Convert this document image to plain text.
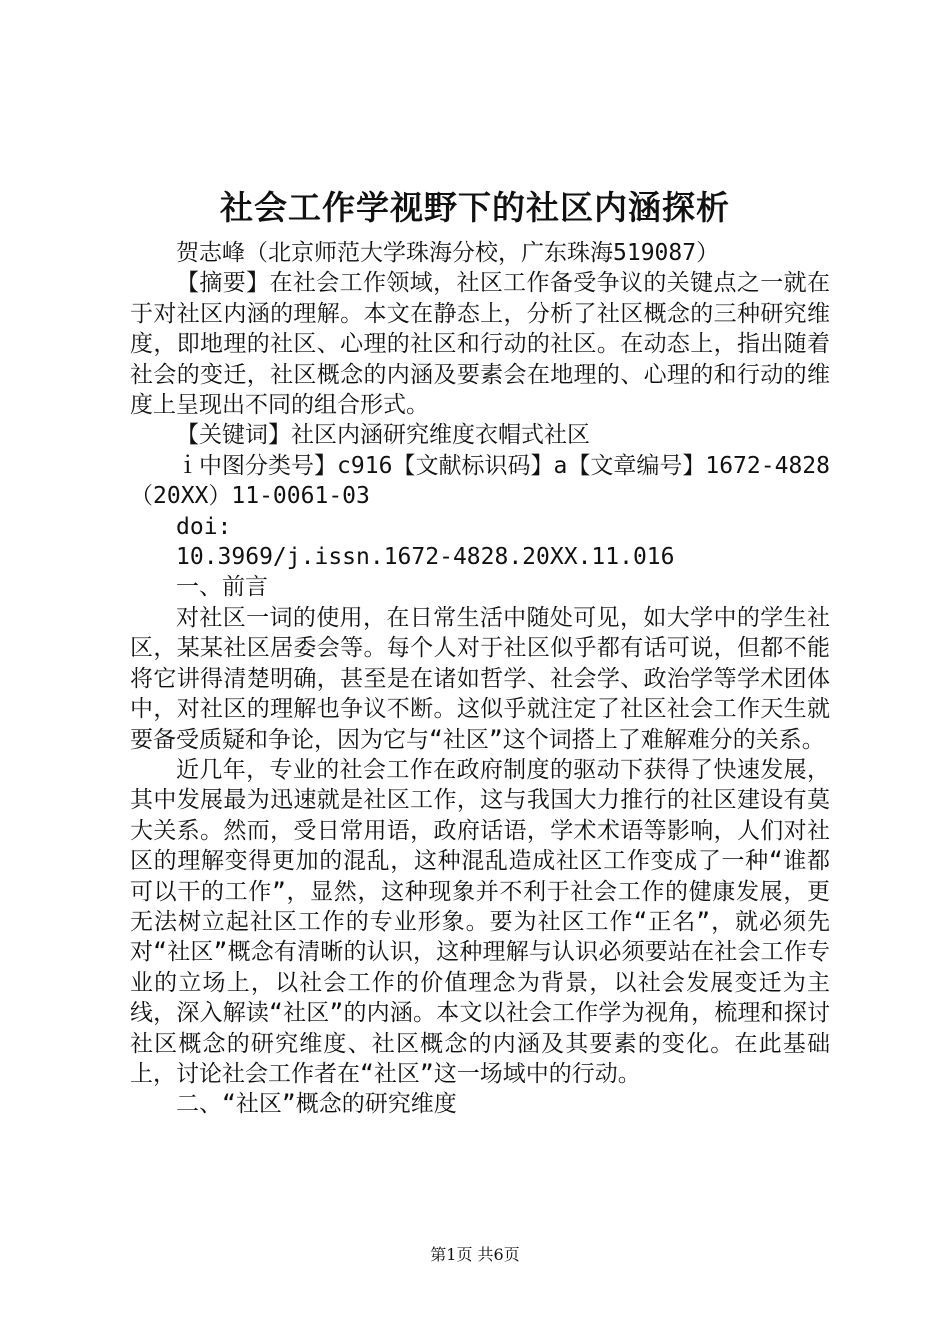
社会工作学视野下的社区内涵探析

贺志峰（北京师范大学珠海分校，广东珠海519087）

【摘要】在社会工作领域，社区工作备受争议的关键点之一就在于对社区内涵的理解。本文在静态上，分析了社区概念的三种研究维度，即地理的社区、心理的社区和行动的社区。在动态上，指出随着社会的变迁，社区概念的内涵及要素会在地理的、心理的和行动的维度上呈现出不同的组合形式。

【关键词】社区内涵研究维度衣帽式社区

ｉ中图分类号】c916【文献标识码】a【文章编号】1672-4828（20XX）11-0061-03

doi:

10.3969/j.issn.1672-4828.20XX.11.016

一、前言

对社区一词的使用，在日常生活中随处可见，如大学中的学生社区，某某社区居委会等。每个人对于社区似乎都有话可说，但都不能将它讲得清楚明确，甚至是在诸如哲学、社会学、政治学等学术团体中，对社区的理解也争议不断。这似乎就注定了社区社会工作天生就要备受质疑和争论，因为它与“社区”这个词搭上了难解难分的关系。

近几年，专业的社会工作在政府制度的驱动下获得了快速发展，其中发展最为迅速就是社区工作，这与我国大力推行的社区建设有莫大关系。然而，受日常用语，政府话语，学术术语等影响，人们对社区的理解变得更加的混乱，这种混乱造成社区工作变成了一种“谁都可以干的工作”，显然，这种现象并不利于社会工作的健康发展，更无法树立起社区工作的专业形象。要为社区工作“正名”，就必须先对“社区”概念有清晰的认识，这种理解与认识必须要站在社会工作专业的立场上，以社会工作的价值理念为背景，以社会发展变迁为主线，深入解读“社区”的内涵。本文以社会工作学为视角，梳理和探讨社区概念的研究维度、社区概念的内涵及其要素的变化。在此基础上，讨论社会工作者在“社区”这一场域中的行动。

二、“社区”概念的研究维度

第1页 共6页
